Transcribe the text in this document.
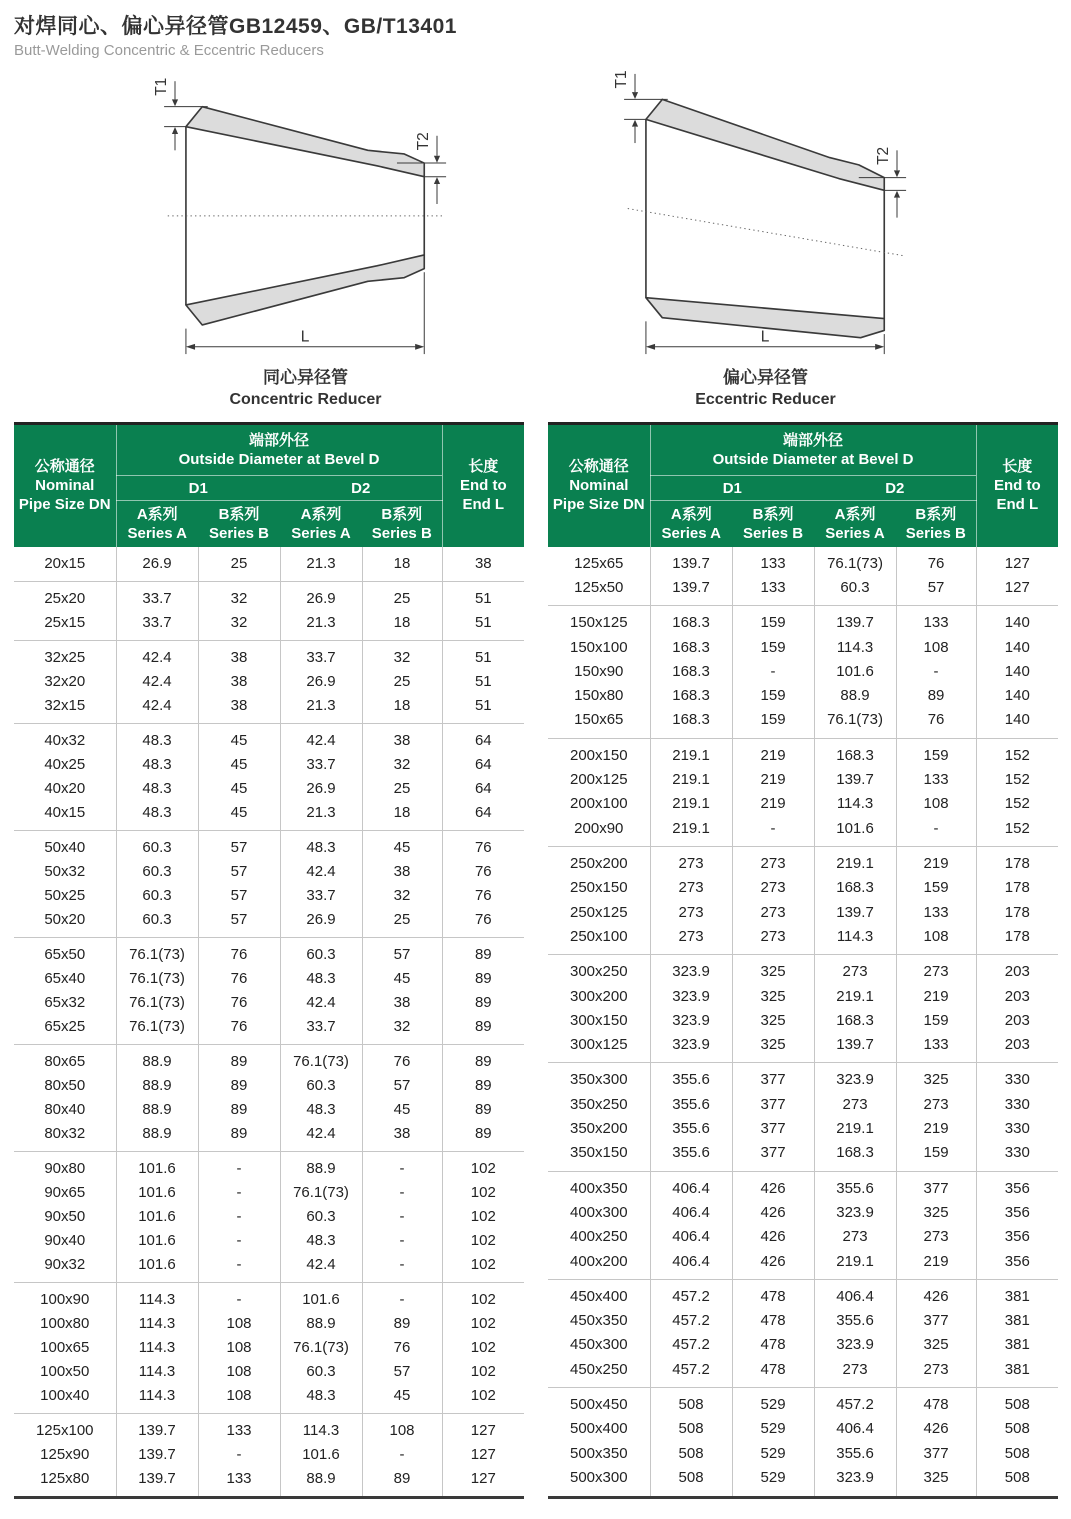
对焊同心、偏心异径管GB12459、GB/T13401

Butt-Welding Concentric & Eccentric Reducers

T1
T2
L
同心异径管
Concentric Reducer
T1
T2
L
偏心异径管
Eccentric Reducer
公称通径
Nominal
Pipe Size DN

端部外径
Outside Diameter at Bevel D	长度
End to
End L

	D1		D2		

A系列
Series A

B系列
Series B

A系列
Series A

B系列
Series B

20x15	26.9	25	21.3	18	38
25x20	33.7	32	26.9	25	51
25x15	33.7	32	21.3	18	51
32x25	42.4	38	33.7	32	51
32x20	42.4	38	26.9	25	51
32x15	42.4	38	21.3	18	51
40x32	48.3	45	42.4	38	64
40x25	48.3	45	33.7	32	64
40x20	48.3	45	26.9	25	64
40x15	48.3	45	21.3	18	64
50x40	60.3	57	48.3	45	76
50x32	60.3	57	42.4	38	76
50x25	60.3	57	33.7	32	76
50x20	60.3	57	26.9	25	76
65x50	76.1(73)	76	60.3	57	89
65x40	76.1(73)	76	48.3	45	89
65x32	76.1(73)	76	42.4	38	89
65x25	76.1(73)	76	33.7	32	89
80x65	88.9	89	76.1(73)	76	89
80x50	88.9	89	60.3	57	89
80x40	88.9	89	48.3	45	89
80x32	88.9	89	42.4	38	89
90x80	101.6	-	88.9	-	102
90x65	101.6	-	76.1(73)	-	102
90x50	101.6	-	60.3	-	102
90x40	101.6	-	48.3	-	102
90x32	101.6	-	42.4	-	102
100x90	114.3	-	101.6	-	102
100x80	114.3	108	88.9	89	102
100x65	114.3	108	76.1(73)	76	102
100x50	114.3	108	60.3	57	102
100x40	114.3	108	48.3	45	102
125x100	139.7	133	114.3	108	127
125x90	139.7	-	101.6	-	127
125x80	139.7	133	88.9	89	127
公称通径
Nominal
Pipe Size DN

端部外径
Outside Diameter at Bevel D	长度
End to
End L

	D1		D2		

A系列
Series A

B系列
Series B

A系列
Series A

B系列
Series B

125x65	139.7	133	76.1(73)	76	127
125x50	139.7	133	60.3	57	127
150x125	168.3	159	139.7	133	140
150x100	168.3	159	114.3	108	140
150x90	168.3	-	101.6	-	140
150x80	168.3	159	88.9	89	140
150x65	168.3	159	76.1(73)	76	140
200x150	219.1	219	168.3	159	152
200x125	219.1	219	139.7	133	152
200x100	219.1	219	114.3	108	152
200x90	219.1	-	101.6	-	152
250x200	273	273	219.1	219	178
250x150	273	273	168.3	159	178
250x125	273	273	139.7	133	178
250x100	273	273	114.3	108	178
300x250	323.9	325	273	273	203
300x200	323.9	325	219.1	219	203
300x150	323.9	325	168.3	159	203
300x125	323.9	325	139.7	133	203
350x300	355.6	377	323.9	325	330
350x250	355.6	377	273	273	330
350x200	355.6	377	219.1	219	330
350x150	355.6	377	168.3	159	330
400x350	406.4	426	355.6	377	356
400x300	406.4	426	323.9	325	356
400x250	406.4	426	273	273	356
400x200	406.4	426	219.1	219	356
450x400	457.2	478	406.4	426	381
450x350	457.2	478	355.6	377	381
450x300	457.2	478	323.9	325	381
450x250	457.2	478	273	273	381
500x450	508	529	457.2	478	508
500x400	508	529	406.4	426	508
500x350	508	529	355.6	377	508
500x300	508	529	323.9	325	508
